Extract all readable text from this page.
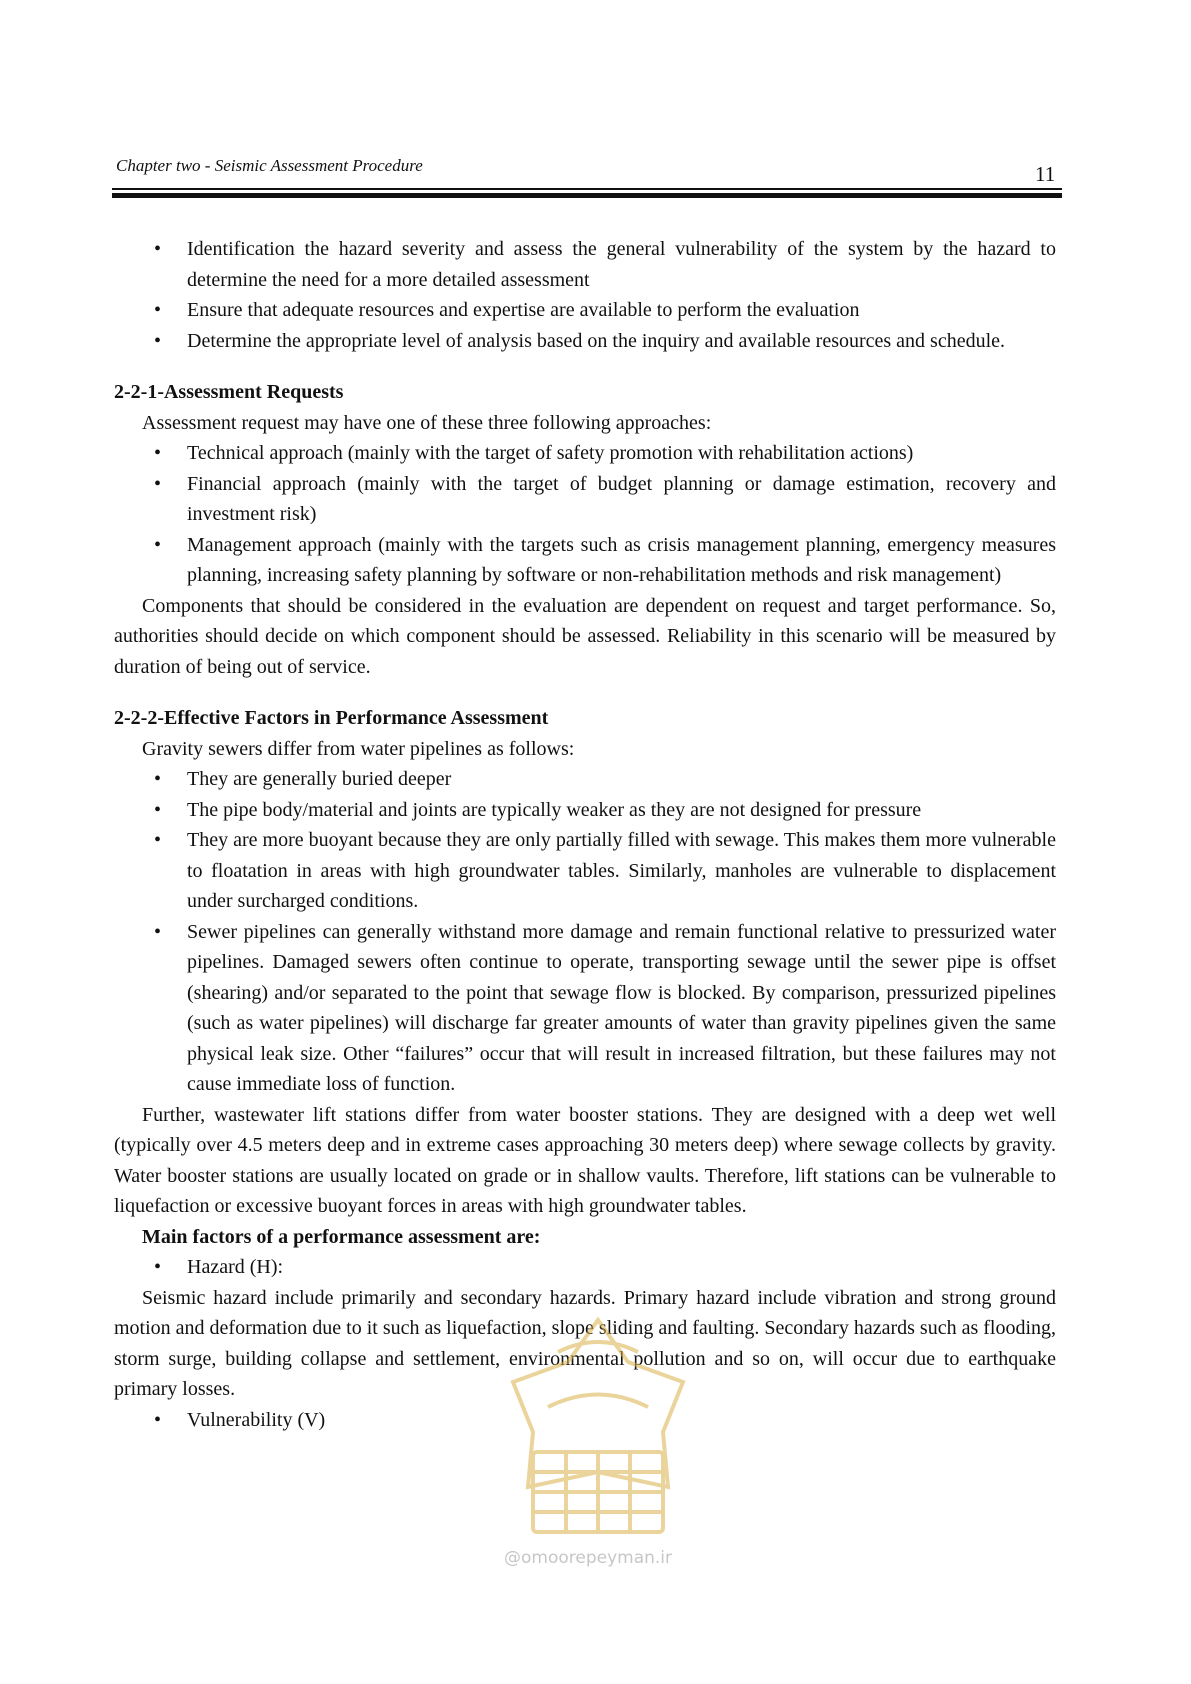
Chapter two - Seismic Assessment Procedure	11
• Identification the hazard severity and assess the general vulnerability of the system by the hazard to determine the need for a more detailed assessment
• Ensure that adequate resources and expertise are available to perform the evaluation
• Determine the appropriate level of analysis based on the inquiry and available resources and schedule.
2-2-1-Assessment Requests

Assessment request may have one of these three following approaches:

• Technical approach (mainly with the target of safety promotion with rehabilitation actions)
• Financial approach (mainly with the target of budget planning or damage estimation, recovery and investment risk)
• Management approach (mainly with the targets such as crisis management planning, emergency measures planning, increasing safety planning by software or non-rehabilitation methods and risk management)

Components that should be considered in the evaluation are dependent on request and target performance. So, authorities should decide on which component should be assessed. Reliability in this scenario will be measured by duration of being out of service.

2-2-2-Effective Factors in Performance Assessment

Gravity sewers differ from water pipelines as follows:

• They are generally buried deeper
• The pipe body/material and joints are typically weaker as they are not designed for pressure
• They are more buoyant because they are only partially filled with sewage. This makes them more vulnerable to floatation in areas with high groundwater tables. Similarly, manholes are vulnerable to displacement under surcharged conditions.
• Sewer pipelines can generally withstand more damage and remain functional relative to pressurized water pipelines. Damaged sewers often continue to operate, transporting sewage until the sewer pipe is offset (shearing) and/or separated to the point that sewage flow is blocked. By comparison, pressurized pipelines (such as water pipelines) will discharge far greater amounts of water than gravity pipelines given the same physical leak size. Other “failures” occur that will result in increased filtration, but these failures may not cause immediate loss of function.

Further, wastewater lift stations differ from water booster stations. They are designed with a deep wet well (typically over 4.5 meters deep and in extreme cases approaching 30 meters deep) where sewage collects by gravity. Water booster stations are usually located on grade or in shallow vaults. Therefore, lift stations can be vulnerable to liquefaction or excessive buoyant forces in areas with high groundwater tables.

Main factors of a performance assessment are:

• Hazard (H):

Seismic hazard include primarily and secondary hazards. Primary hazard include vibration and strong ground motion and deformation due to it such as liquefaction, slope sliding and faulting. Secondary hazards such as flooding, storm surge, building collapse and settlement, environmental pollution and so on, will occur due to earthquake primary losses.

• Vulnerability (V)
@omoorepeyman.ir
